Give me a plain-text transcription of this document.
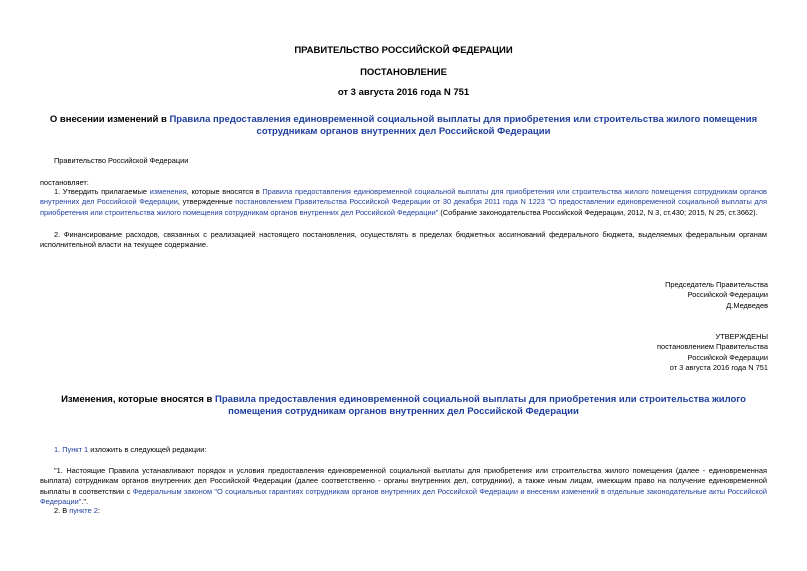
ПРАВИТЕЛЬСТВО РОССИЙСКОЙ ФЕДЕРАЦИИ
ПОСТАНОВЛЕНИЕ
от 3 августа 2016 года N 751
О внесении изменений в Правила предоставления единовременной социальной выплаты для приобретения или строительства жилого помещения сотрудникам органов внутренних дел Российской Федерации
Правительство Российской Федерации
постановляет:
1. Утвердить прилагаемые изменения, которые вносятся в Правила предоставления единовременной социальной выплаты для приобретения или строительства жилого помещения сотрудникам органов внутренних дел Российской Федерации, утвержденные постановлением Правительства Российской Федерации от 30 декабря 2011 года N 1223 "О предоставлении единовременной социальной выплаты для приобретения или строительства жилого помещения сотрудникам органов внутренних дел Российской Федерации" (Собрание законодательства Российской Федерации, 2012, N 3, ст.430; 2015, N 25, ст.3662).
2. Финансирование расходов, связанных с реализацией настоящего постановления, осуществлять в пределах бюджетных ассигнований федерального бюджета, выделяемых федеральным органам исполнительной власти на текущее содержание.
Председатель Правительства
Российской Федерации
Д.Медведев
УТВЕРЖДЕНЫ
постановлением Правительства
Российской Федерации
от 3 августа 2016 года N 751
Изменения, которые вносятся в Правила предоставления единовременной социальной выплаты для приобретения или строительства жилого помещения сотрудникам органов внутренних дел Российской Федерации
1. Пункт 1 изложить в следующей редакции:
"1. Настоящие Правила устанавливают порядок и условия предоставления единовременной социальной выплаты для приобретения или строительства жилого помещения (далее - единовременная выплата) сотрудникам органов внутренних дел Российской Федерации (далее соответственно - органы внутренних дел, сотрудники), а также иным лицам, имеющим право на получение единовременной выплаты в соответствии с Федеральным законом "О социальных гарантиях сотрудникам органов внутренних дел Российской Федерации и внесении изменений в отдельные законодательные акты Российской Федерации".".
2. В пункте 2:
